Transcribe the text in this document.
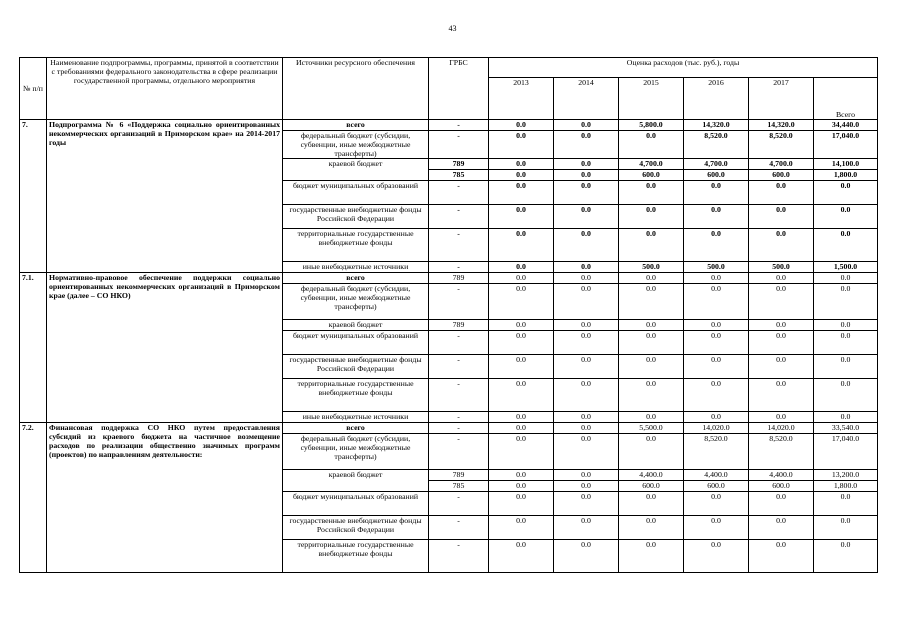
43
№ п/п	Наименование подпрограммы, программы, принятой в соответствии с требованиями федерального законодательства в сфере реализации государственной программы, отдельного мероприятия	Источники ресурсного обеспечения	ГРБС	Оценка расходов (тыс. руб.), годы					
				2013	2014	2015	2016	2017	Всего
7.	Подпрограмма № 6 «Поддержка социально ориентированных некоммерческих организаций в Приморском крае» на 2014-2017 годы	всего	-	0.0	0.0	5,800.0	14,320.0	14,320.0	34,440.0
		федеральный бюджет (субсидии, субвенции, иные межбюджетные трансферты)	-	0.0	0.0	0.0	8,520.0	8,520.0	17,040.0
		краевой бюджет	789	0.0	0.0	4,700.0	4,700.0	4,700.0	14,100.0
			785	0.0	0.0	600.0	600.0	600.0	1,800.0
		бюджет муниципальных образований	-	0.0	0.0	0.0	0.0	0.0	0.0
		государственные внебюджетные фонды Российской Федерации	-	0.0	0.0	0.0	0.0	0.0	0.0
		территориальные государственные внебюджетные фонды	-	0.0	0.0	0.0	0.0	0.0	0.0
		иные внебюджетные источники	-	0.0	0.0	500.0	500.0	500.0	1,500.0
7.1.	Нормативно-правовое обеспечение поддержки социально ориентированных некоммерческих организаций в Приморском крае (далее – СО НКО)	всего	789	0.0	0.0	0.0	0.0	0.0	0.0
		федеральный бюджет (субсидии, субвенции, иные межбюджетные трансферты)	-	0.0	0.0	0.0	0.0	0.0	0.0
		краевой бюджет	789	0.0	0.0	0.0	0.0	0.0	0.0
		бюджет муниципальных образований	-	0.0	0.0	0.0	0.0	0.0	0.0
		государственные внебюджетные фонды Российской Федерации	-	0.0	0.0	0.0	0.0	0.0	0.0
		территориальные государственные внебюджетные фонды	-	0.0	0.0	0.0	0.0	0.0	0.0
		иные внебюджетные источники	-	0.0	0.0	0.0	0.0	0.0	0.0
7.2.	Финансовая поддержка СО НКО путем предоставления субсидий из краевого бюджета на частичное возмещение расходов по реализации общественно значимых программ (проектов) по направлениям деятельности:	всего	-	0.0	0.0	5,500.0	14,020.0	14,020.0	33,540.0
		федеральный бюджет (субсидии, субвенции, иные межбюджетные трансферты)	-	0.0	0.0	0.0	8,520.0	8,520.0	17,040.0
		краевой бюджет	789	0.0	0.0	4,400.0	4,400.0	4,400.0	13,200.0
			785	0.0	0.0	600.0	600.0	600.0	1,800.0
		бюджет муниципальных образований	-	0.0	0.0	0.0	0.0	0.0	0.0
		государственные внебюджетные фонды Российской Федерации	-	0.0	0.0	0.0	0.0	0.0	0.0
		территориальные государственные внебюджетные фонды	-	0.0	0.0	0.0	0.0	0.0	0.0
